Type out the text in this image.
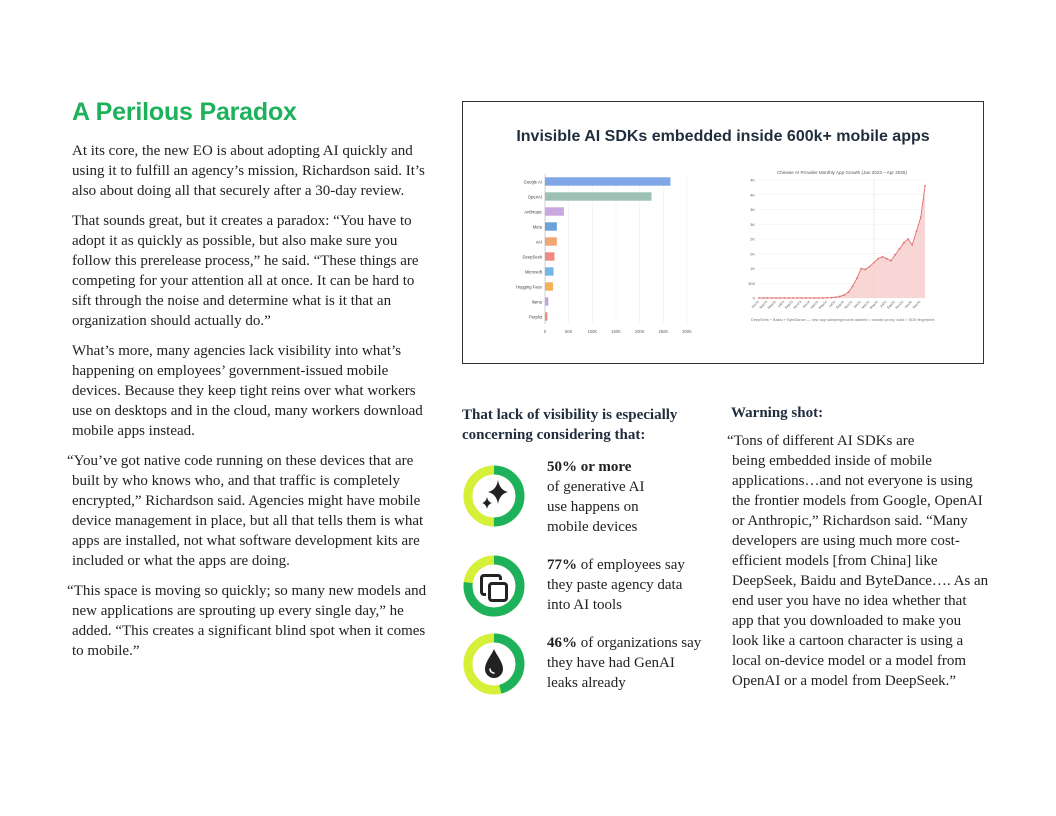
A Perilous Paradox

At its core, the new EO is about adopting AI quickly and using it to fulfill an agency’s mission, Richardson said. It’s also about doing all that securely after a 30-day review.

That sounds great, but it creates a paradox: “You have to adopt it as quickly as possible, but also make sure you follow this prerelease process,” he said. “These things are competing for your attention all at once. It can be hard to sift through the noise and determine what is it that an organization should actually do.”

What’s more, many agencies lack visibility into what’s happening on employees’ government-issued mobile devices. Because they keep tight reins over what workers use on desktops and in the cloud, many workers download mobile apps instead.

“You’ve got native code running on these devices that are built by who knows who, and that traffic is completely encrypted,” Richardson said. Agencies might have mobile device management in place, but all that tells them is what apps are installed, not what software development kits are included or what the apps are doing.

“This space is moving so quickly; so many new models and new applications are sprouting up every single day,” he added. “This creates a significant blind spot when it comes to mobile.”

Invisible AI SDKs embedded inside 600k+ mobile apps
0	50K	100K	150K	200K	250K	300K
Google AI
OpenAI
Anthropic
Meta
xAI
DeepSeek
Microsoft
Hugging Face
Ilama
Perplxt
Chinese AI Provider Monthly App Growth (Jan 2023 – Apr 2026)
0
500
1K
2K
2K
3K
3K
4K
4K
Jan23
Mar23
May23 Jul23
Sep23
Nov23 Jan24
Mar24
May24 Jul24
Sep24
Nov24 Jan25
Mar25
May25 Jul25
Sep25
Nov25 Jan26
Mar26
DeepSeek + Baidu + ByteDance — new app sampling/month dashed = domain proxy; solid = SDK fingerprint
That lack of visibility is especially concerning considering that:
50% or more
of generative AI use happens on mobile devices
77% of employees say they paste agency data into AI tools
46% of organizations say they have had GenAI leaks already
Warning shot:
“Tons of different AI SDKs are
being embedded inside of mobile applications…and not everyone is using the frontier models from Google, OpenAI or Anthropic,” Richardson said. “Many developers are using much more cost-efficient models [from China] like DeepSeek, Baidu and ByteDance…. As an end user you have no idea whether that app that you downloaded to make you look like a cartoon character is using a local on-device model or a model from OpenAI or a model from DeepSeek.”
